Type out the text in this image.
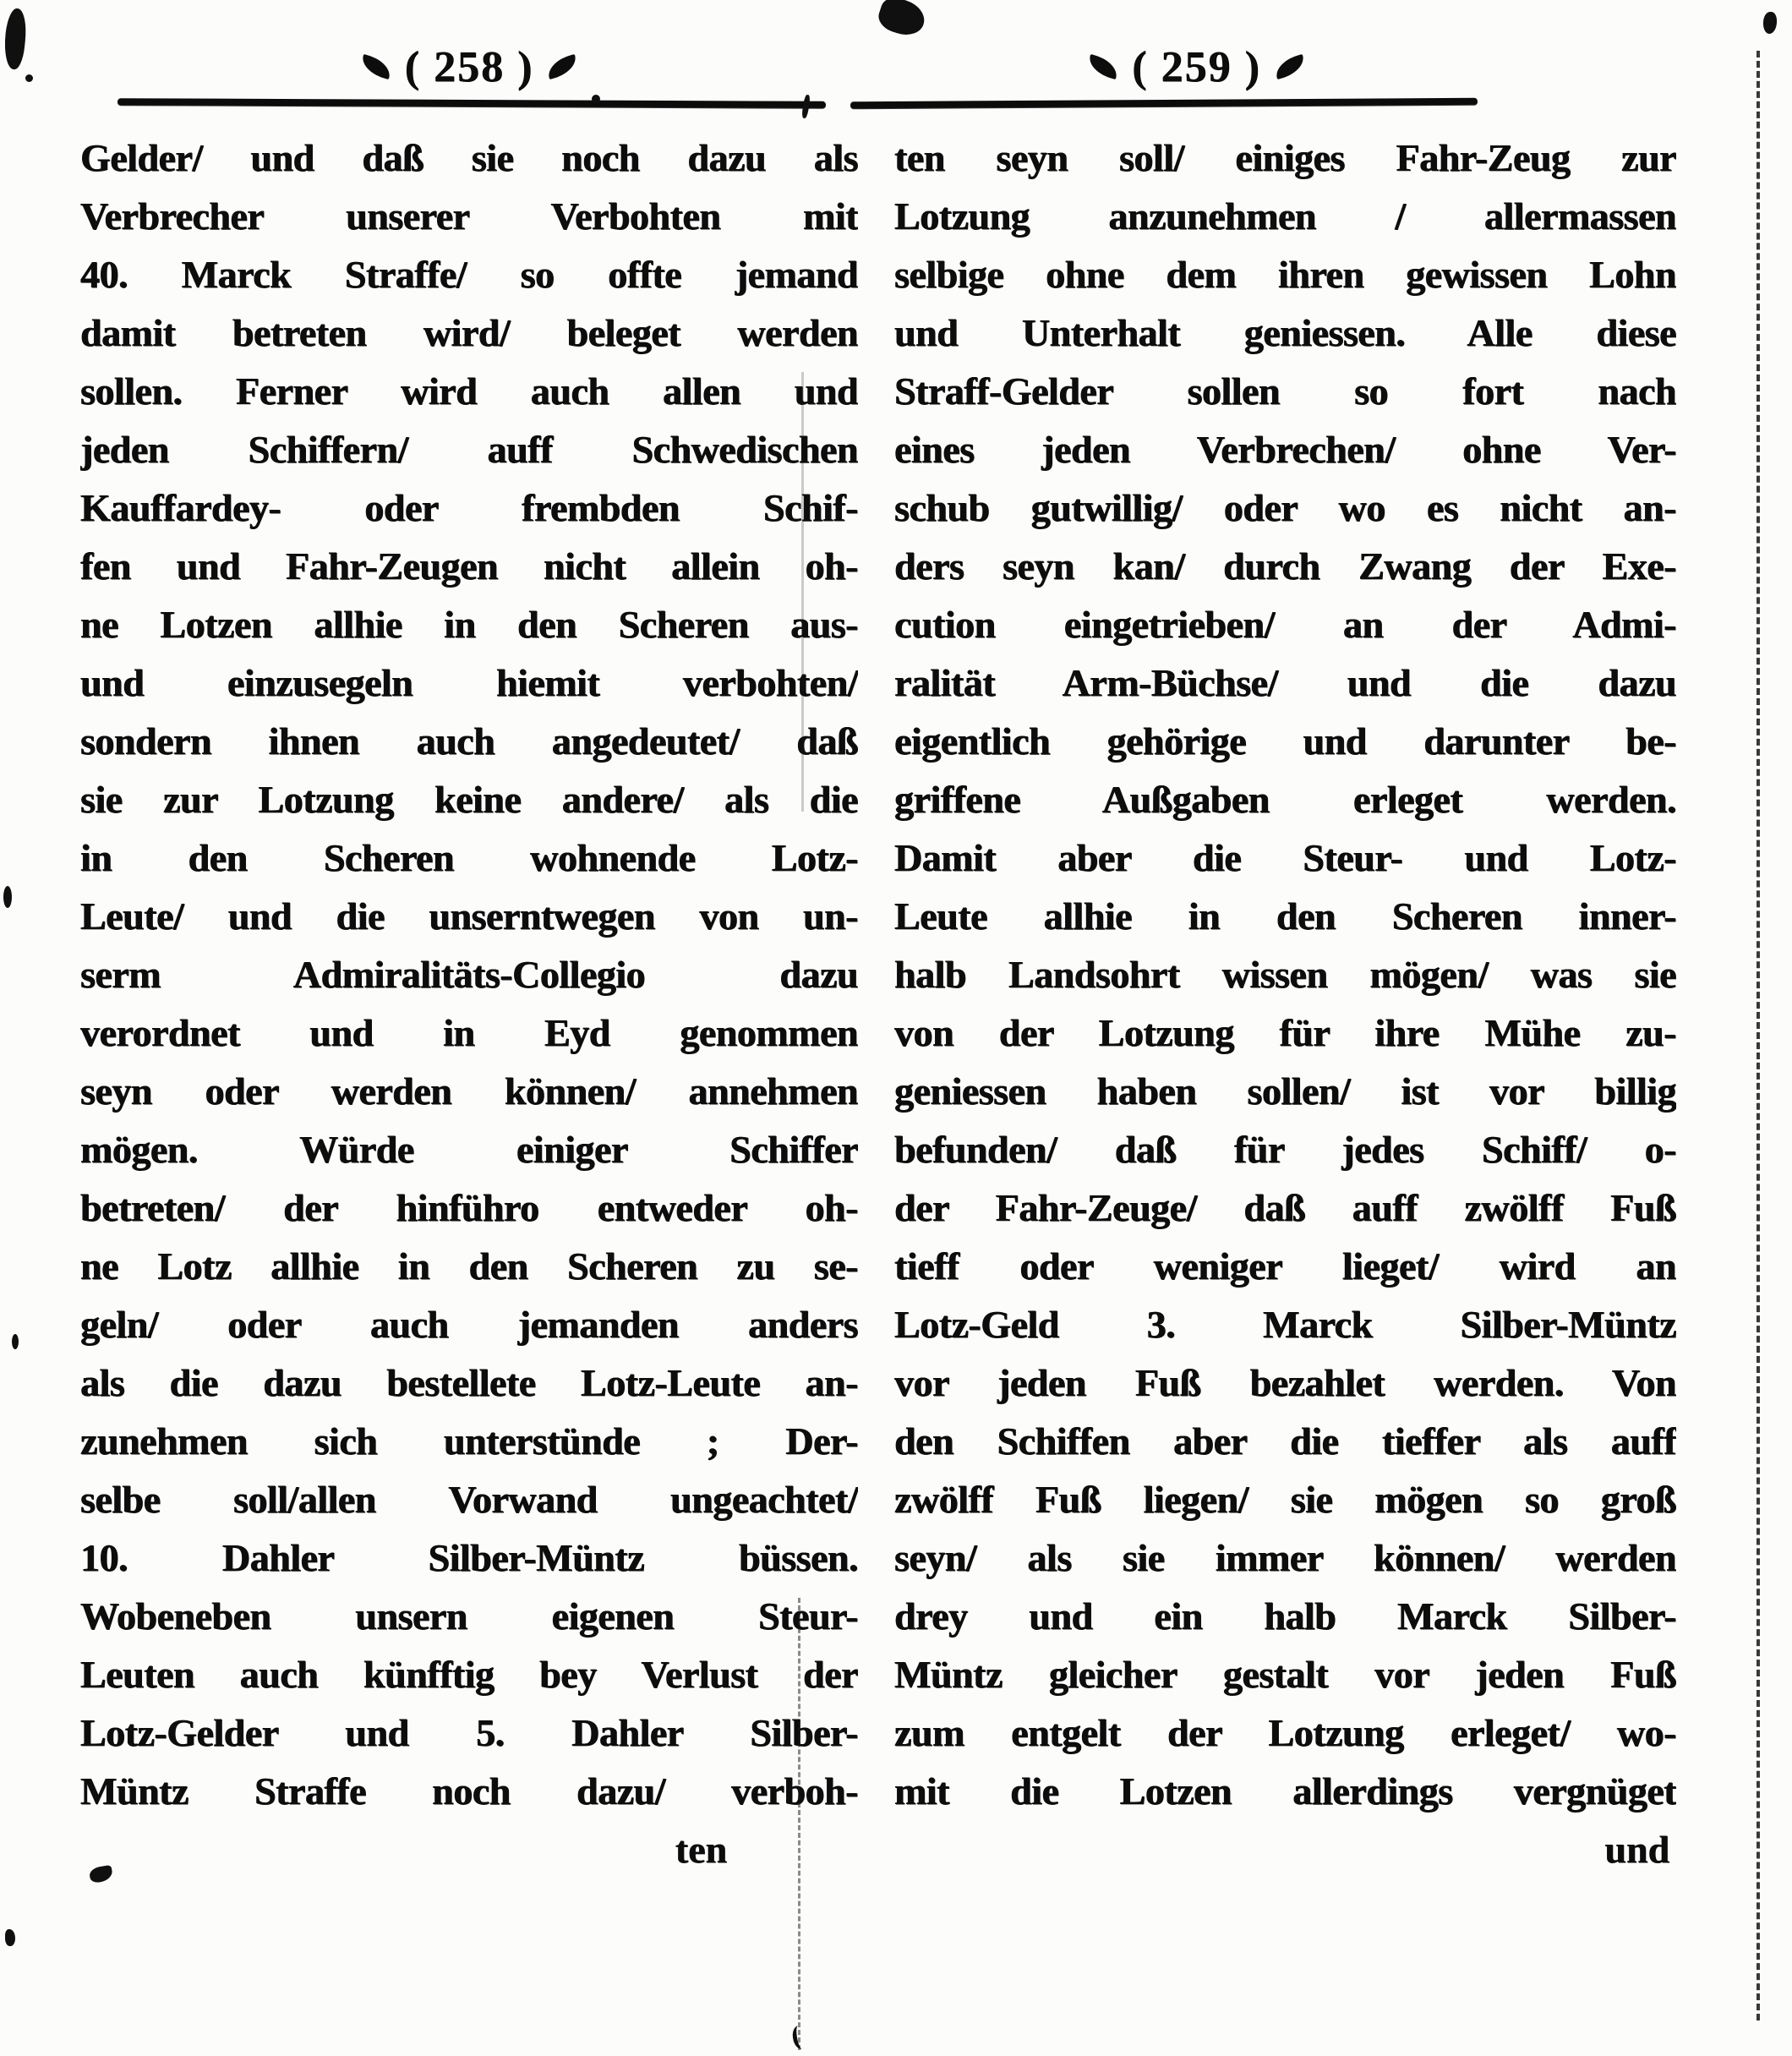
( 258 )
Gelder/ und daß sie noch dazu als
Verbrecher unserer Verbohten mit
40. Marck Straffe/ so offte jemand
damit betreten wird/ beleget werden
sollen. Ferner wird auch allen und
jeden Schiffern/ auff Schwedischen
Kauffardey- oder frembden Schif-
fen und Fahr-Zeugen nicht allein oh-
ne Lotzen allhie in den Scheren aus-
und einzusegeln hiemit verbohten/
sondern ihnen auch angedeutet/ daß
sie zur Lotzung keine andere/ als die
in den Scheren wohnende Lotz-
Leute/ und die unserntwegen von un-
serm Admiralitäts-Collegio dazu
verordnet und in Eyd genommen
seyn oder werden können/ annehmen
mögen. Würde einiger Schiffer
betreten/ der hinführo entweder oh-
ne Lotz allhie in den Scheren zu se-
geln/ oder auch jemanden anders
als die dazu bestellete Lotz-Leute an-
zunehmen sich unterstünde ; Der-
selbe soll/allen Vorwand ungeachtet/
10. Dahler Silber-Müntz büssen.
Wobeneben unsern eigenen Steur-
Leuten auch künfftig bey Verlust der
Lotz-Gelder und 5. Dahler Silber-
Müntz Straffe noch dazu/ verboh-
ten
( 259 )
ten seyn soll/ einiges Fahr-Zeug zur
Lotzung anzunehmen / allermassen
selbige ohne dem ihren gewissen Lohn
und Unterhalt geniessen. Alle diese
Straff-Gelder sollen so fort nach
eines jeden Verbrechen/ ohne Ver-
schub gutwillig/ oder wo es nicht an-
ders seyn kan/ durch Zwang der Exe-
cution eingetrieben/ an der Admi-
ralität Arm-Büchse/ und die dazu
eigentlich gehörige und darunter be-
griffene Außgaben erleget werden.
Damit aber die Steur- und Lotz-
Leute allhie in den Scheren inner-
halb Landsohrt wissen mögen/ was sie
von der Lotzung für ihre Mühe zu-
geniessen haben sollen/ ist vor billig
befunden/ daß für jedes Schiff/ o-
der Fahr-Zeuge/ daß auff zwölff Fuß
tieff oder weniger lieget/ wird an
Lotz-Geld 3. Marck Silber-Müntz
vor jeden Fuß bezahlet werden. Von
den Schiffen aber die tieffer als auff
zwölff Fuß liegen/ sie mögen so groß
seyn/ als sie immer können/ werden
drey und ein halb Marck Silber-
Müntz gleicher gestalt vor jeden Fuß
zum entgelt der Lotzung erleget/ wo-
mit die Lotzen allerdings vergnüget
und
